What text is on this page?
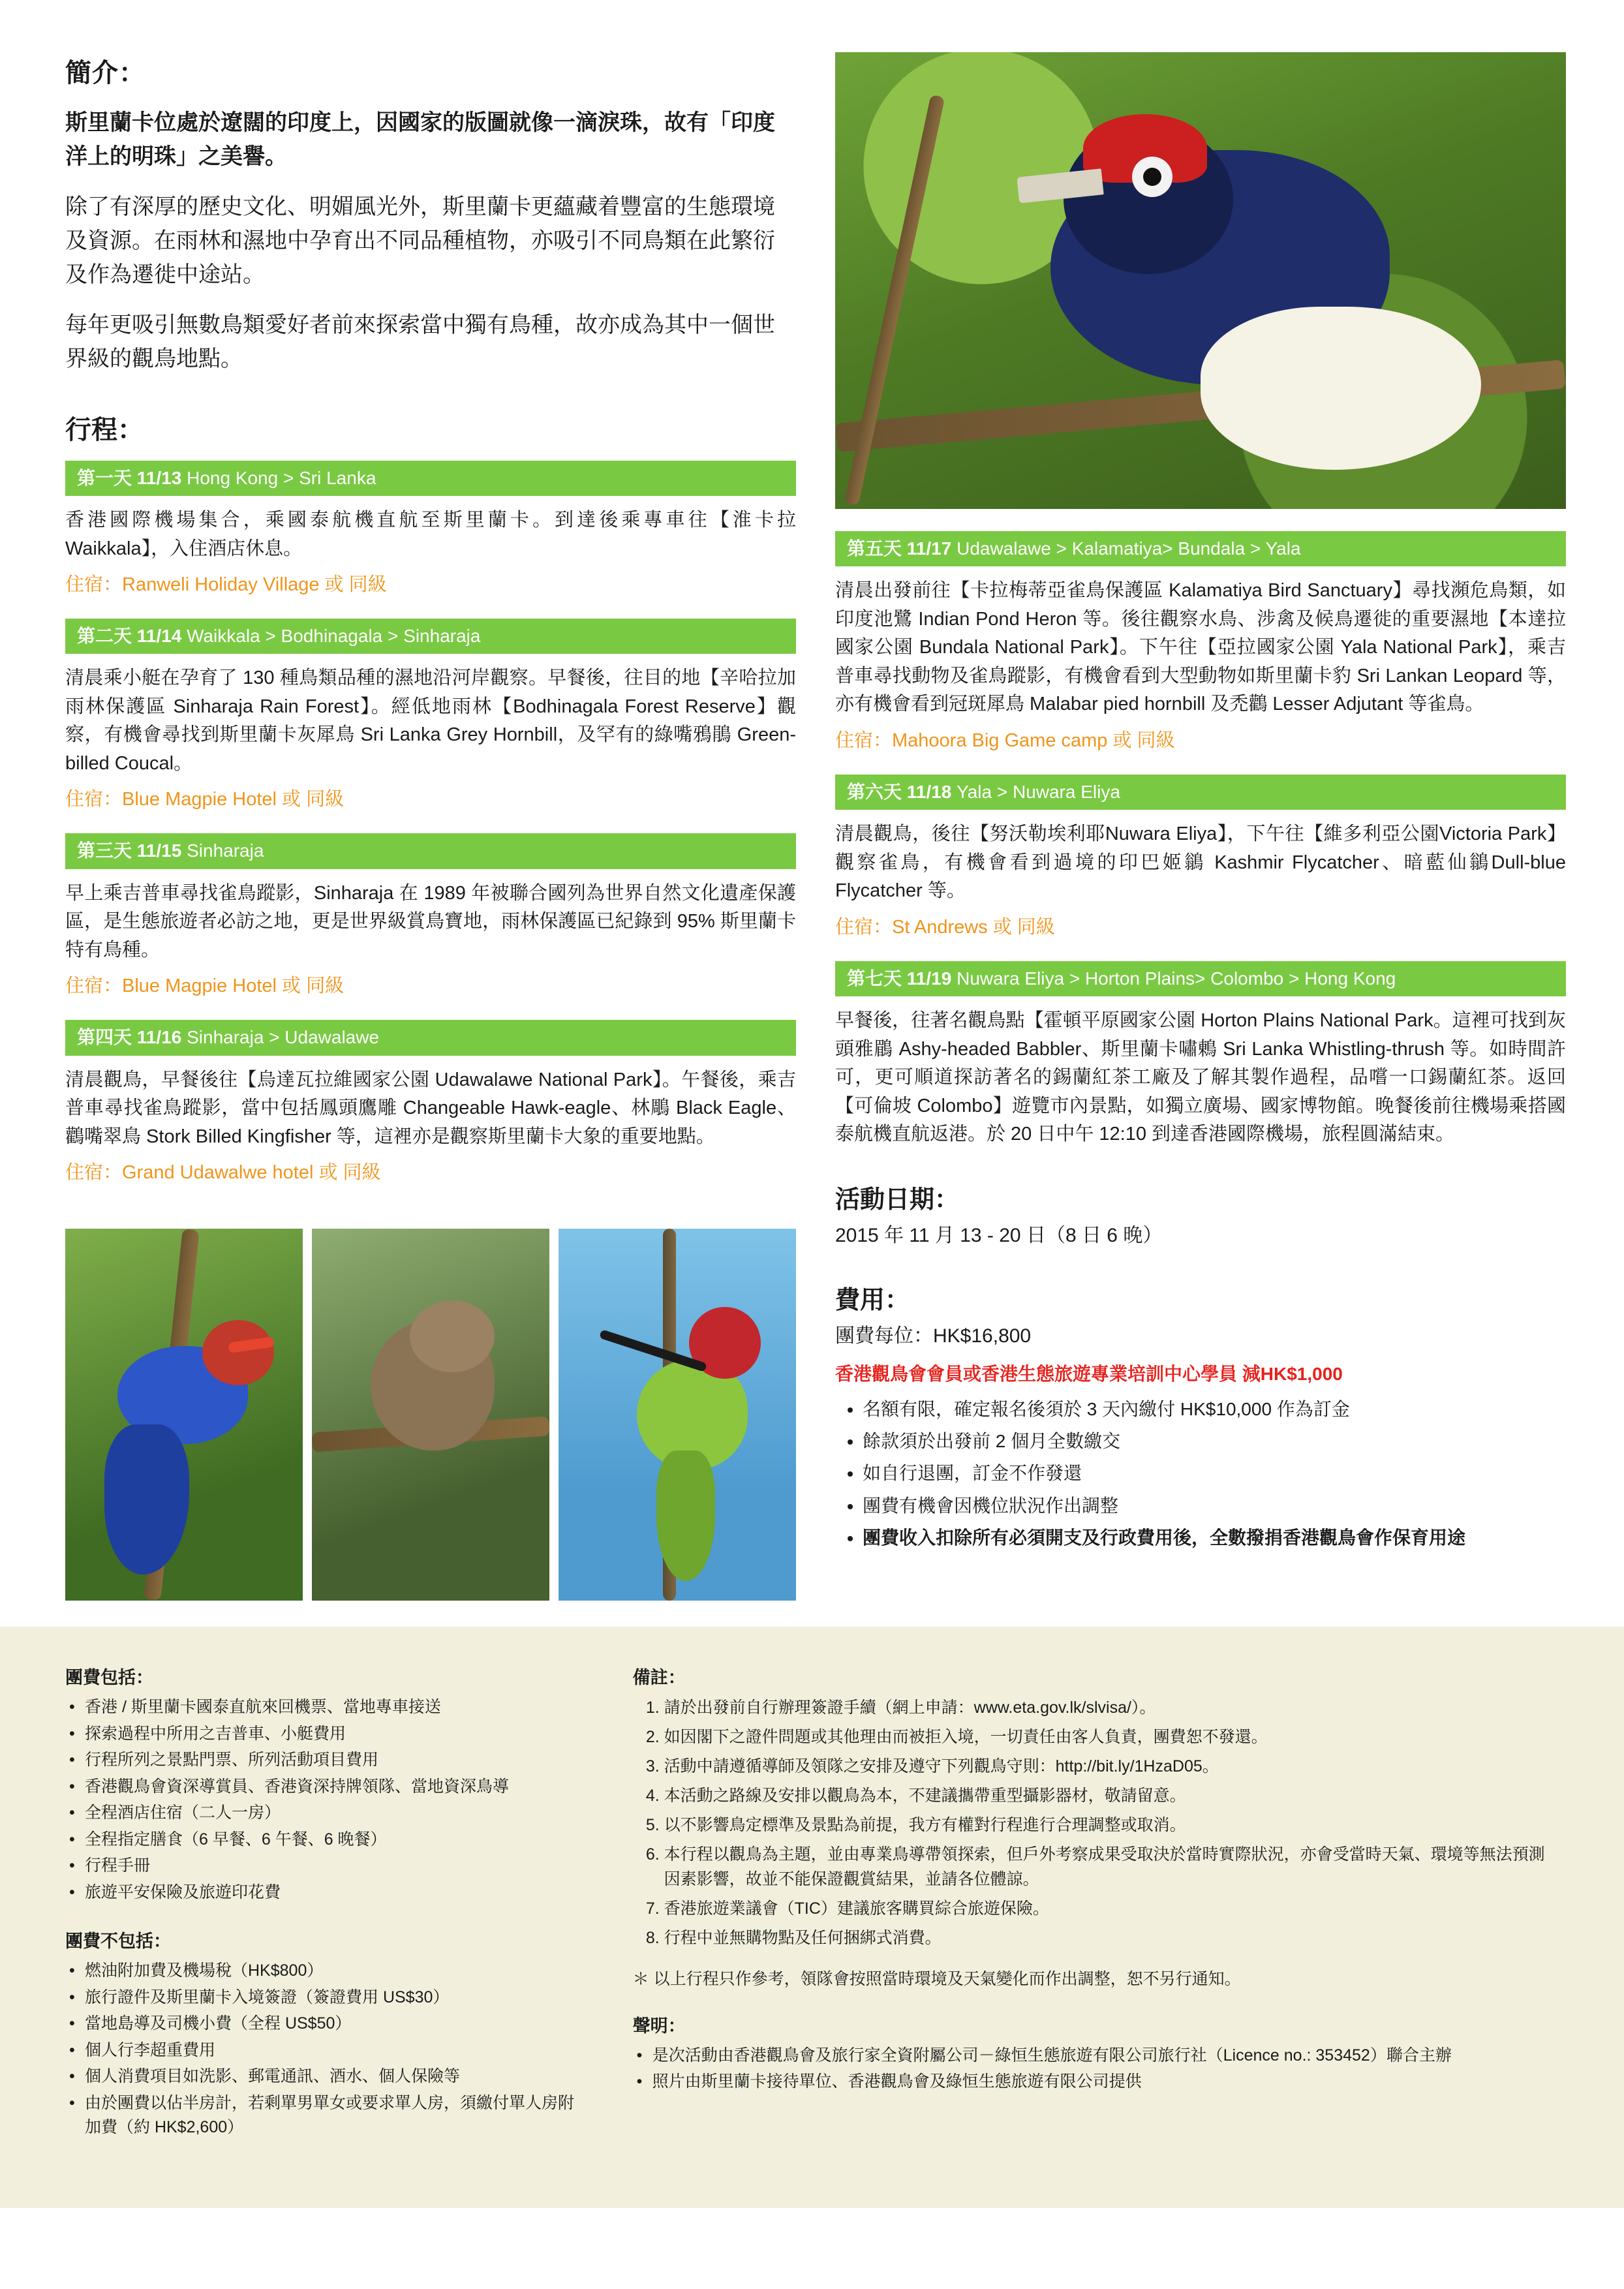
簡介：

斯里蘭卡位處於遼闊的印度上，因國家的版圖就像一滴淚珠，故有「印度洋上的明珠」之美譽。

除了有深厚的歷史文化、明媚風光外，斯里蘭卡更蘊藏着豐富的生態環境及資源。在雨林和濕地中孕育出不同品種植物，亦吸引不同鳥類在此繁衍及作為遷徙中途站。

每年更吸引無數鳥類愛好者前來探索當中獨有鳥種，故亦成為其中一個世界級的觀鳥地點。

行程：
第一天 11/13 Hong Kong > Sri Lanka

香港國際機場集合，乘國泰航機直航至斯里蘭卡。到達後乘專車往【淮卡拉 Waikkala】，入住酒店休息。

住宿：Ranweli Holiday Village 或 同級

第二天 11/14 Waikkala > Bodhinagala > Sinharaja

清晨乘小艇在孕育了 130 種鳥類品種的濕地沿河岸觀察。早餐後，往目的地【辛哈拉加雨林保護區 Sinharaja Rain Forest】。經低地雨林【Bodhinagala Forest Reserve】觀察，有機會尋找到斯里蘭卡灰犀鳥 Sri Lanka Grey Hornbill，及罕有的綠嘴鴉鵑 Green-billed Coucal。

住宿：Blue Magpie Hotel 或 同級

第三天 11/15 Sinharaja

早上乘吉普車尋找雀鳥蹤影，Sinharaja 在 1989 年被聯合國列為世界自然文化遺產保護區，是生態旅遊者必訪之地，更是世界級賞鳥寶地，雨林保護區已紀錄到 95% 斯里蘭卡特有鳥種。

住宿：Blue Magpie Hotel 或 同級

第四天 11/16 Sinharaja > Udawalawe

清晨觀鳥，早餐後往【烏達瓦拉維國家公園 Udawalawe National Park】。午餐後，乘吉普車尋找雀鳥蹤影，當中包括鳳頭鷹雕 Changeable Hawk-eagle、林鵰 Black Eagle、鸛嘴翠鳥 Stork Billed Kingfisher 等，這裡亦是觀察斯里蘭卡大象的重要地點。

住宿：Grand Udawalwe hotel 或 同級

第五天 11/17 Udawalawe > Kalamatiya> Bundala > Yala

清晨出發前往【卡拉梅蒂亞雀鳥保護區 Kalamatiya Bird Sanctuary】尋找瀕危鳥類，如印度池鷺 Indian Pond Heron 等。後往觀察水鳥、涉禽及候鳥遷徙的重要濕地【本達拉國家公園 Bundala National Park】。下午往【亞拉國家公園 Yala National Park】，乘吉普車尋找動物及雀鳥蹤影，有機會看到大型動物如斯里蘭卡豹 Sri Lankan Leopard 等，亦有機會看到冠斑犀鳥 Malabar pied hornbill 及禿鸛 Lesser Adjutant 等雀鳥。

住宿：Mahoora Big Game camp 或 同級

第六天 11/18 Yala > Nuwara Eliya

清晨觀鳥，後往【努沃勒埃利耶Nuwara Eliya】，下午往【維多利亞公園Victoria Park】觀察雀鳥，有機會看到過境的印巴姬鶲 Kashmir Flycatcher、暗藍仙鶲Dull-blue Flycatcher 等。

住宿：St Andrews 或 同級

第七天 11/19 Nuwara Eliya > Horton Plains> Colombo > Hong Kong

早餐後，往著名觀鳥點【霍頓平原國家公園 Horton Plains National Park。這裡可找到灰頭雅鶥 Ashy-headed Babbler、斯里蘭卡嘯鶇 Sri Lanka Whistling-thrush 等。如時間許可，更可順道探訪著名的錫蘭紅茶工廠及了解其製作過程，品嚐一口錫蘭紅茶。返回【可倫坡 Colombo】遊覽市內景點，如獨立廣場、國家博物館。晚餐後前往機場乘搭國泰航機直航返港。於 20 日中午 12:10 到達香港國際機場，旅程圓滿結束。

活動日期：

2015 年 11 月 13 - 20 日（8 日 6 晚）

費用：

團費每位：HK$16,800

香港觀鳥會會員或香港生態旅遊專業培訓中心學員 減HK$1,000

• 名額有限，確定報名後須於 3 天內繳付 HK$10,000 作為訂金
• 餘款須於出發前 2 個月全數繳交
• 如自行退團，訂金不作發還
• 團費有機會因機位狀況作出調整
• 團費收入扣除所有必須開支及行政費用後，全數撥捐香港觀鳥會作保育用途
團費包括：
• 香港 / 斯里蘭卡國泰直航來回機票、當地專車接送
• 探索過程中所用之吉普車、小艇費用
• 行程所列之景點門票、所列活動項目費用
• 香港觀鳥會資深導賞員、香港資深持牌領隊、當地資深鳥導
• 全程酒店住宿（二人一房）
• 全程指定膳食（6 早餐、6 午餐、6 晚餐）
• 行程手冊
• 旅遊平安保險及旅遊印花費
團費不包括：
• 燃油附加費及機場稅（HK$800）
• 旅行證件及斯里蘭卡入境簽證（簽證費用 US$30）
• 當地島導及司機小費（全程 US$50）
• 個人行李超重費用
• 個人消費項目如洗影、郵電通訊、酒水、個人保險等
• 由於團費以佔半房計，若剩單男單女或要求單人房，須繳付單人房附加費（約 HK$2,600）
備註：
1. 請於出發前自行辦理簽證手續（網上申請：www.eta.gov.lk/slvisa/）。
2. 如因閣下之證件問題或其他理由而被拒入境，一切責任由客人負責，團費恕不發還。
3. 活動中請遵循導師及領隊之安排及遵守下列觀鳥守則：http://bit.ly/1HzaD05。
4. 本活動之路線及安排以觀鳥為本，不建議攜帶重型攝影器材，敬請留意。
5. 以不影響鳥定標準及景點為前提，我方有權對行程進行合理調整或取消。
6. 本行程以觀鳥為主題，並由專業鳥導帶領探索，但戶外考察成果受取決於當時實際狀況，亦會受當時天氣、環境等無法預測因素影響，故並不能保證觀賞結果，並請各位體諒。
7. 香港旅遊業議會（TIC）建議旅客購買綜合旅遊保險。
8. 行程中並無購物點及任何捆綁式消費。

＊ 以上行程只作參考，領隊會按照當時環境及天氣變化而作出調整，恕不另行通知。

聲明：
• 是次活動由香港觀鳥會及旅行家全資附屬公司－綠恒生態旅遊有限公司旅行社（Licence no.: 353452）聯合主辦
• 照片由斯里蘭卡接待單位、香港觀鳥會及綠恒生態旅遊有限公司提供
